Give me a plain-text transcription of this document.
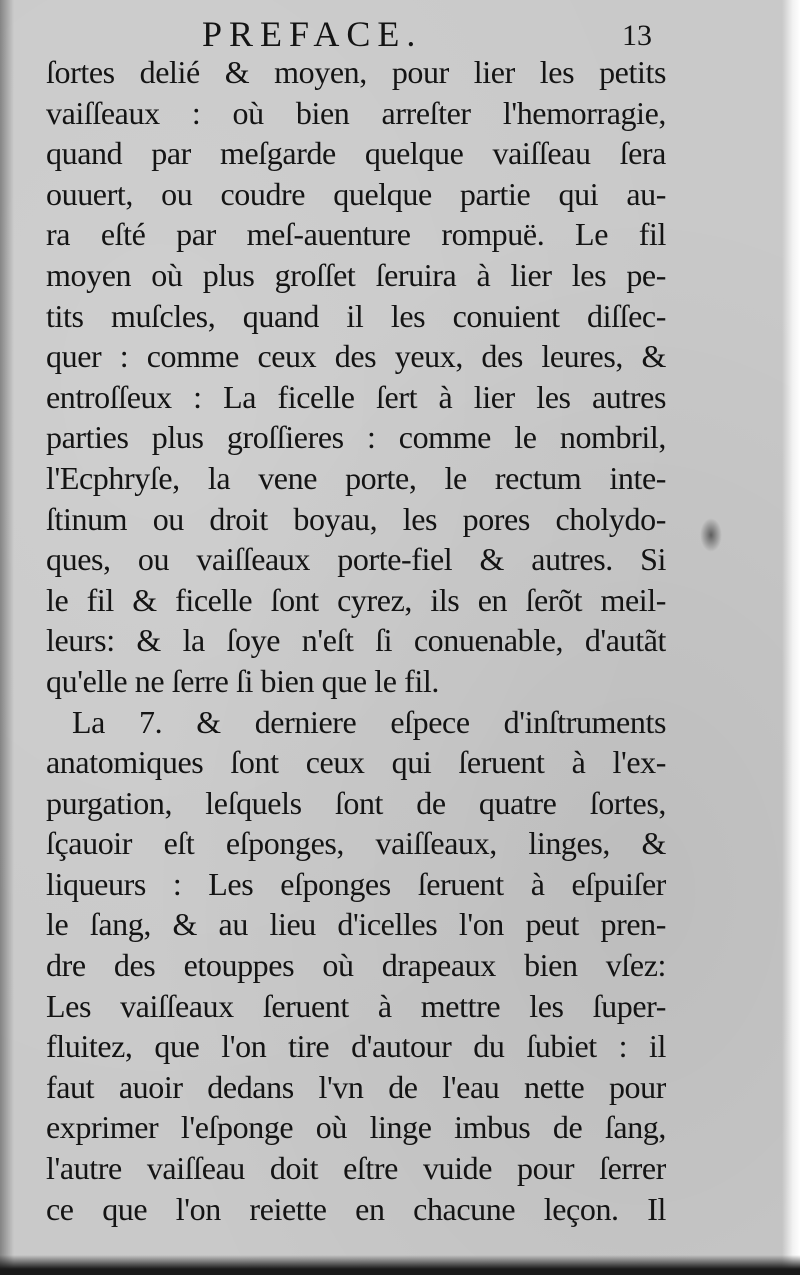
PREFACE.	13
ſortes delié & moyen, pour lier les petits
vaiſſeaux : où bien arreſter l'hemorragie,
quand par meſgarde quelque vaiſſeau ſera
ouuert, ou coudre quelque partie qui au-
ra eſté par meſ-auenture rompuë. Le fil
moyen où plus groſſet ſeruira à lier les pe-
tits muſcles, quand il les conuient diſſec-
quer : comme ceux des yeux, des leures, &
entroſſeux : La ficelle ſert à lier les autres
parties plus groſſieres : comme le nombril,
l'Ecphryſe, la vene porte, le rectum inte-
ſtinum ou droit boyau, les pores cholydo-
ques, ou vaiſſeaux porte-fiel & autres. Si
le fil & ficelle ſont cyrez, ils en ſerõt meil-
leurs: & la ſoye n'eſt ſi conuenable, d'autãt
qu'elle ne ſerre ſi bien que le fil.
La 7. & derniere eſpece d'inſtruments
anatomiques ſont ceux qui ſeruent à l'ex-
purgation, leſquels ſont de quatre ſortes,
ſçauoir eſt eſponges, vaiſſeaux, linges, &
liqueurs : Les eſponges ſeruent à eſpuiſer
le ſang, & au lieu d'icelles l'on peut pren-
dre des etouppes où drapeaux bien vſez:
Les vaiſſeaux ſeruent à mettre les ſuper-
fluitez, que l'on tire d'autour du ſubiet : il
faut auoir dedans l'vn de l'eau nette pour
exprimer l'eſponge où linge imbus de ſang,
l'autre vaiſſeau doit eſtre vuide pour ſerrer
ce que l'on reiette en chacune leçon. Il
